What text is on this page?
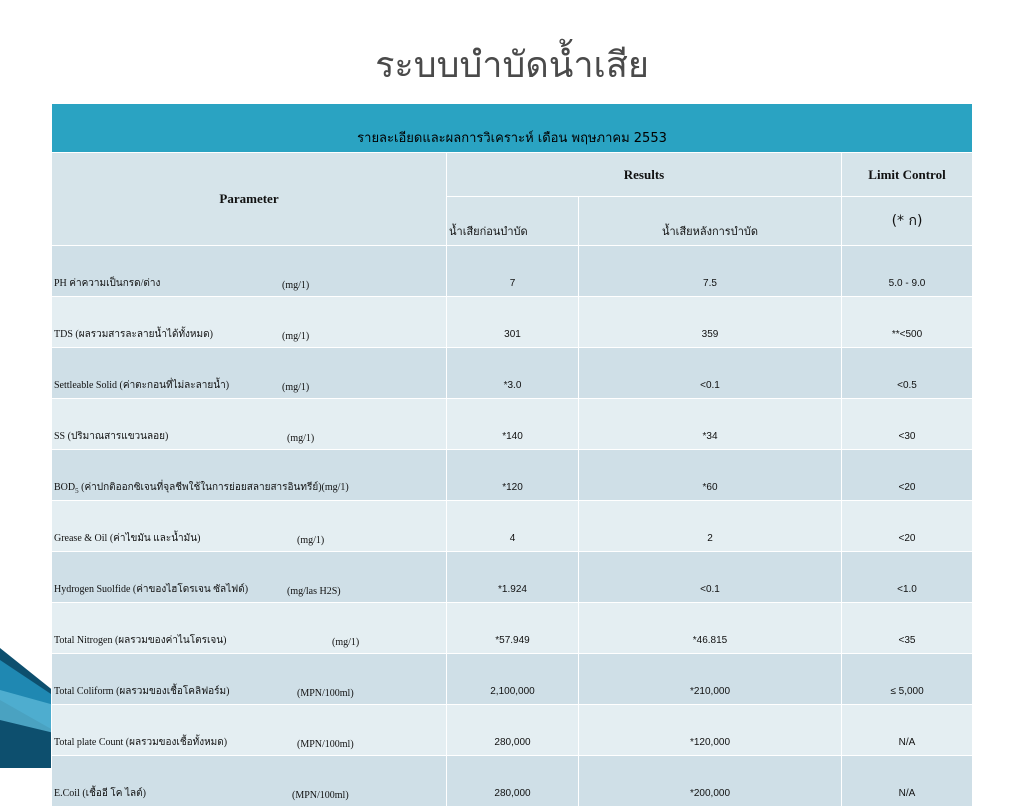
ระบบบำบัดน้ำเสีย
รายละเอียดและผลการวิเคราะห์ เดือน พฤษภาคม 2553			
Parameter	Results		Limit Control
	น้ำเสียก่อนบำบัด	น้ำเสียหลังการบำบัด	(* ก)
PH ค่าความเป็นกรด/ด่าง (mg/1)	7	7.5	5.0 - 9.0
TDS (ผลรวมสารละลายน้ำได้ทั้งหมด) (mg/1)	301	359	**<500
Settleable Solid (ค่าตะกอนที่ไม่ละลายน้ำ) (mg/1)	*3.0	<0.1	<0.5
SS (ปริมาณสารแขวนลอย) (mg/1)	*140	*34	<30
$BOD_5$ (ค่าปกติออกซิเจนที่จุลชีพใช้ในการย่อยสลายสารอินทรีย์)(mg/1)	*120	*60	<20
Grease & Oil (ค่าไขมัน และน้ำมัน) (mg/1)	4	2	<20
Hydrogen Suolfide (ค่าของไฮโดรเจน ซัลไฟด์) (mg/las H2S)	*1.924	<0.1	<1.0
Total Nitrogen (ผลรวมของค่าไนโตรเจน) (mg/1)	*57.949	*46.815	<35
Total Coliform (ผลรวมของเชื้อโคลิฟอร์ม) (MPN/100ml)	2,100,000	*210,000	≤ 5,000
Total plate Count (ผลรวมของเชื้อทั้งหมด) (MPN/100ml)	280,000	*120,000	N/A
E.Coil (เชื้ออี โค ไลต์) (MPN/100ml)	280,000	*200,000	N/A
